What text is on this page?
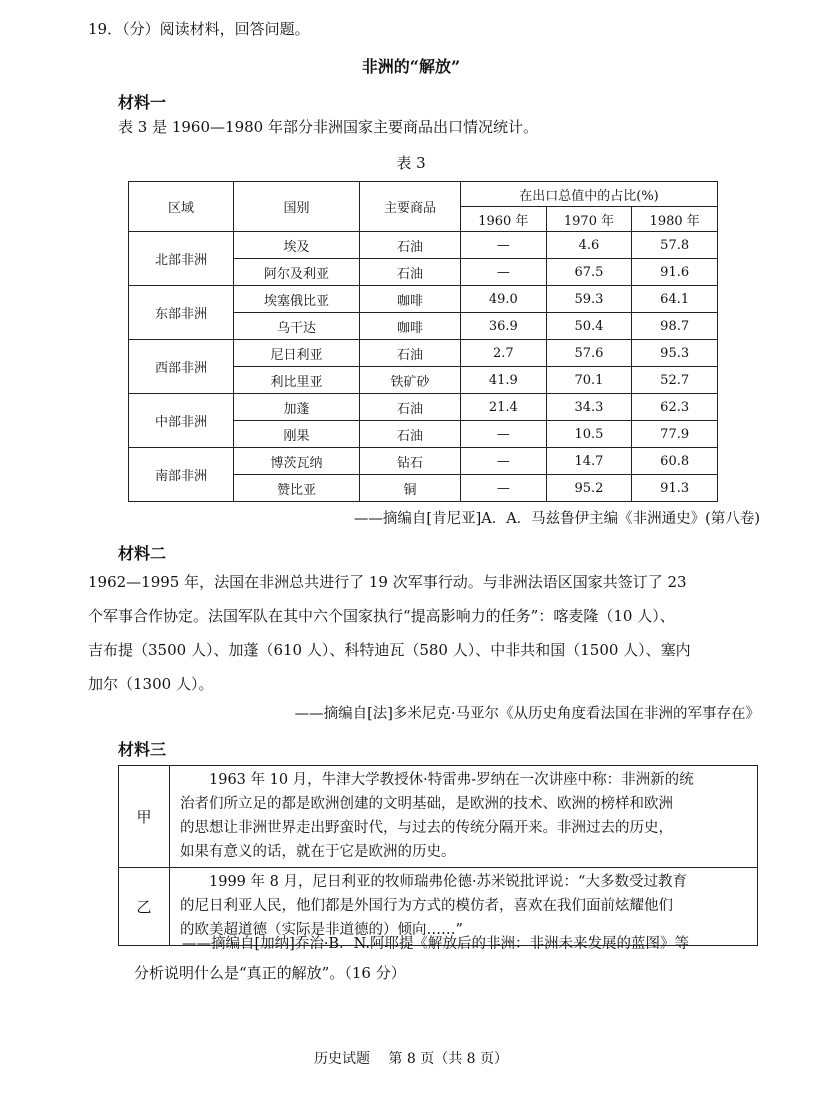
19．（分）阅读材料，回答问题。
非洲的“解放”
材料一
表 3 是 1960—1980 年部分非洲国家主要商品出口情况统计。
表 3
区域	国别	主要商品	在出口总值中的占比(%)		
			1960 年	1970 年	1980 年
北部非洲	埃及	石油	—	4.6	57.8
	阿尔及利亚	石油	—	67.5	91.6
东部非洲	埃塞俄比亚	咖啡	49.0	59.3	64.1
	乌干达	咖啡	36.9	50.4	98.7
西部非洲	尼日利亚	石油	2.7	57.6	95.3
	利比里亚	铁矿砂	41.9	70.1	52.7
中部非洲	加蓬	石油	21.4	34.3	62.3
	刚果	石油	—	10.5	77.9
南部非洲	博茨瓦纳	钻石	—	14.7	60.8
	赞比亚	铜	—	95.2	91.3
——摘编自[肯尼亚]A．A．马兹鲁伊主编《非洲通史》(第八卷)
材料二
1962—1995 年，法国在非洲总共进行了 19 次军事行动。与非洲法语区国家共签订了 23
个军事合作协定。法国军队在其中六个国家执行“提高影响力的任务”：喀麦隆（10 人）、
吉布提（3500 人）、加蓬（610 人）、科特迪瓦（580 人）、中非共和国（1500 人）、塞内
加尔（1300 人）。
——摘编自[法]多米尼克·马亚尔《从历史角度看法国在非洲的军事存在》
材料三
甲	1963 年 10 月，牛津大学教授休·特雷弗-罗纳在一次讲座中称：非洲新的统
治者们所立足的都是欧洲创建的文明基础，是欧洲的技术、欧洲的榜样和欧洲
的思想让非洲世界走出野蛮时代，与过去的传统分隔开来。非洲过去的历史，
如果有意义的话，就在于它是欧洲的历史。

乙	1999 年 8 月，尼日利亚的牧师瑞弗伦德·苏米锐批评说：“大多数受过教育
的尼日利亚人民，他们都是外国行为方式的模仿者，喜欢在我们面前炫耀他们
的欧美超道德（实际是非道德的）倾向……”
——摘编自[加纳]乔治·B．N.阿耶提《解放后的非洲：非洲未来发展的蓝图》等
分析说明什么是“真正的解放”。（16 分）
历史试题　 第 8 页（共 8 页）
